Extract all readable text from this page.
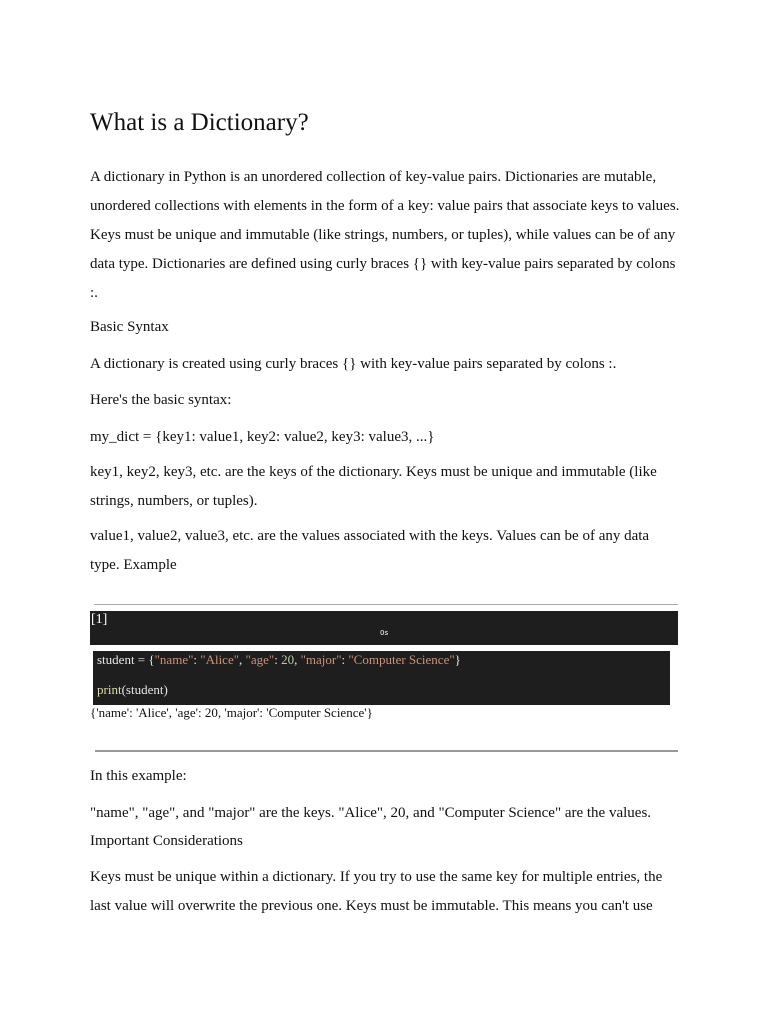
What is a Dictionary?

A dictionary in Python is an unordered collection of key-value pairs. Dictionaries are mutable, unordered collections with elements in the form of a key: value pairs that associate keys to values. Keys must be unique and immutable (like strings, numbers, or tuples), while values can be of any data type. Dictionaries are defined using curly braces {} with key-value pairs separated by colons :.

Basic Syntax
A dictionary is created using curly braces {} with key-value pairs separated by colons :.
Here's the basic syntax:
my_dict = {key1: value1, key2: value2, key3: value3, ...}

key1, key2, key3, etc. are the keys of the dictionary. Keys must be unique and immutable (like strings, numbers, or tuples).

value1, value2, value3, etc. are the values associated with the keys. Values can be of any data type. Example

[1]
0s
student = {"name": "Alice", "age": 20, "major": "Computer Science"}
print(student)
{'name': 'Alice', 'age': 20, 'major': 'Computer Science'}
In this example:
"name", "age", and "major" are the keys. "Alice", 20, and "Computer Science" are the values.
Important Considerations

Keys must be unique within a dictionary. If you try to use the same key for multiple entries, the last value will overwrite the previous one. Keys must be immutable. This means you can't use
